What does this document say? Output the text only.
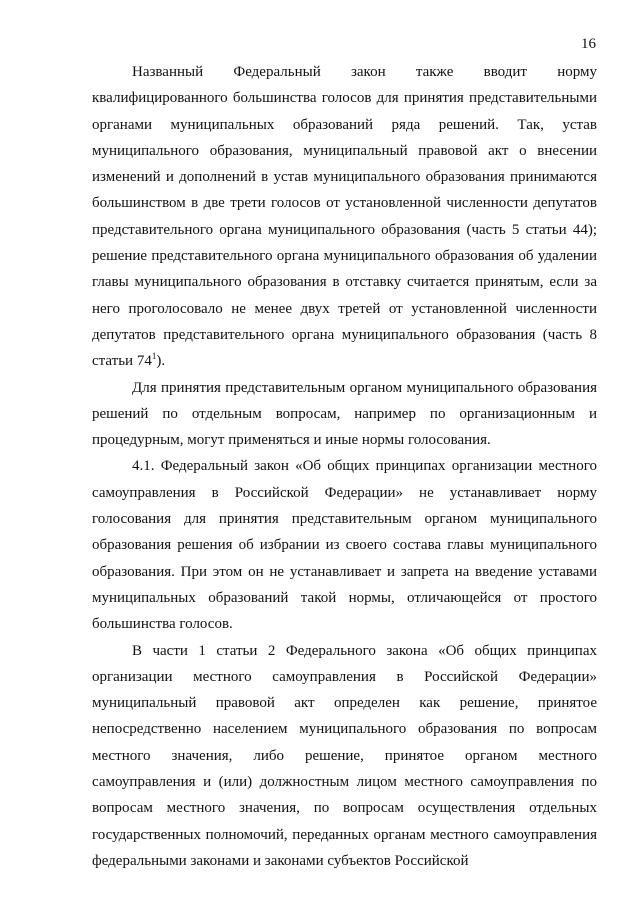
16

Названный Федеральный закон также вводит норму квалифицированного большинства голосов для принятия представительными органами муниципальных образований ряда решений. Так, устав муниципального образования, муниципальный правовой акт о внесении изменений и дополнений в устав муниципального образования принимаются большинством в две трети голосов от установленной численности депутатов представительного органа муниципального образования (часть 5 статьи 44); решение представительного органа муниципального образования об удалении главы муниципального образования в отставку считается принятым, если за него проголосовало не менее двух третей от установленной численности депутатов представительного органа муниципального образования (часть 8 статьи $74^1$).

Для принятия представительным органом муниципального образования решений по отдельным вопросам, например по организационным и процедурным, могут применяться и иные нормы голосования.

4.1. Федеральный закон «Об общих принципах организации местного самоуправления в Российской Федерации» не устанавливает норму голосования для принятия представительным органом муниципального образования решения об избрании из своего состава главы муниципального образования. При этом он не устанавливает и запрета на введение уставами муниципальных образований такой нормы, отличающейся от простого большинства голосов.

В части 1 статьи 2 Федерального закона «Об общих принципах организации местного самоуправления в Российской Федерации» муниципальный правовой акт определен как решение, принятое непосредственно населением муниципального образования по вопросам местного значения, либо решение, принятое органом местного самоуправления и (или) должностным лицом местного самоуправления по вопросам местного значения, по вопросам осуществления отдельных государственных полномочий, переданных органам местного самоуправления федеральными законами и законами субъектов Российской
